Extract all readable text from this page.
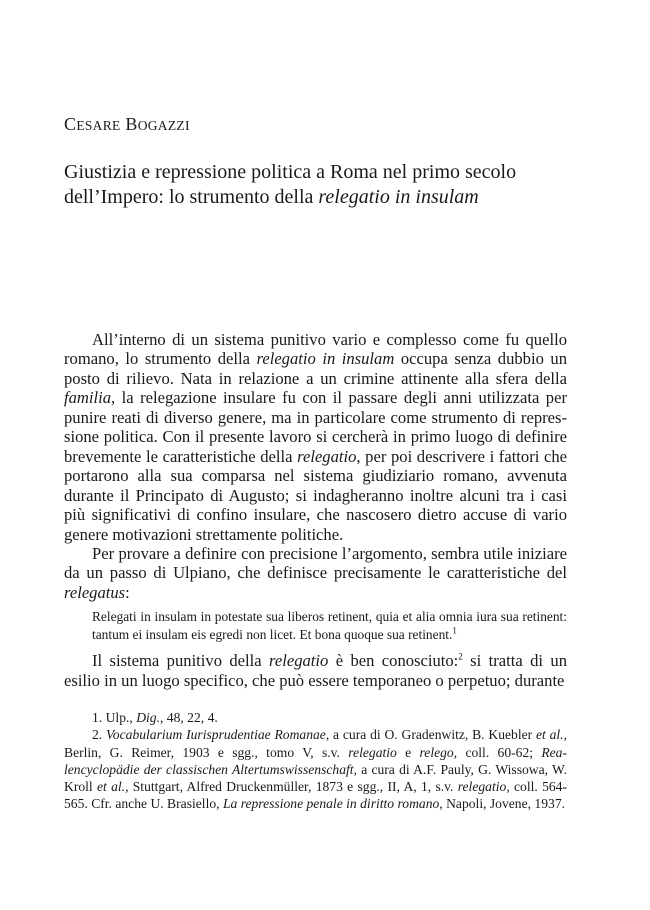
CESARE BOGAZZI
Giustizia e repressione politica a Roma nel primo secolo
dell’Impero: lo strumento della relegatio in insulam

All’interno di un sistema punitivo vario e complesso come fu quello romano, lo strumento della relegatio in insulam occupa senza dubbio un posto di rilievo. Nata in relazione a un crimine attinente alla sfera della familia, la relegazione insulare fu con il passare degli anni utilizzata per punire reati di diverso genere, ma in particolare come strumento di repressione politica. Con il presente lavoro si cercherà in primo luogo di definire brevemente le caratteristiche della relegatio, per poi descrivere i fattori che portarono alla sua comparsa nel sistema giudiziario romano, avvenuta durante il Principato di Augusto; si indagheranno inoltre alcuni tra i casi più significativi di confino insulare, che nascosero dietro accuse di vario genere motivazioni strettamente politiche.

Per provare a definire con precisione l’argomento, sembra utile iniziare da un passo di Ulpiano, che definisce precisamente le caratteristiche del relegatus:

Relegati in insulam in potestate sua liberos retinent, quia et alia omnia iura sua retinent: tantum ei insulam eis egredi non licet. Et bona quoque sua retinent.$^1$

Il sistema punitivo della relegatio è ben conosciuto:$^2$ si tratta di un esilio in un luogo specifico, che può essere temporaneo o perpetuo; durante

1. Ulp., Dig., 48, 22, 4.

2. Vocabularium Iurisprudentiae Romanae, a cura di O. Gradenwitz, B. Kuebler et al., Berlin, G. Reimer, 1903 e sgg., tomo V, s.v. relegatio e relego, coll. 60-62; Realencyclopädie der classischen Altertumswissenschaft, a cura di A.F. Pauly, G. Wissowa, W. Kroll et al., Stuttgart, Alfred Druckenmüller, 1873 e sgg., II, A, 1, s.v. relegatio, coll. 564-565. Cfr. anche U. Brasiello, La repressione penale in diritto romano, Napoli, Jovene, 1937.
